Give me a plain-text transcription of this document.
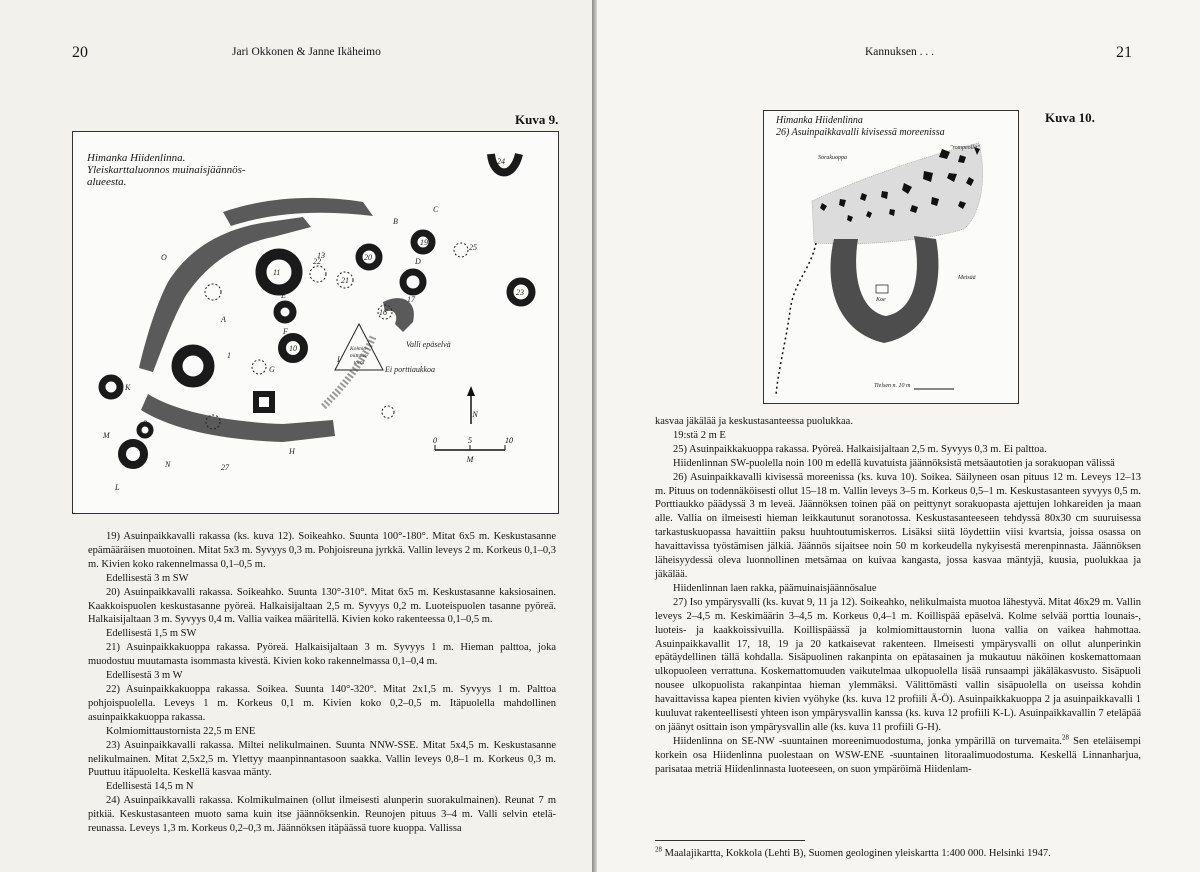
20	Jari Okkonen & Janne Ikäheimo
Kuva 9.
Himanka Hiidenlinna.
Yleiskarttaluonnos muinaisjäännös-
alueesta.
C
B
D
E
F
G
K
L
M
N
O
H
A
I
1
2
11
10
19
20
21
22
23
24
25
16
17
27
13
Valli epäselvä
Ei porttiaukkoa
Kolmio-
mittaus-
torni
N
0	5	10
M

19) Asuinpaikkavalli rakassa (ks. kuva 12). Soikeahko. Suunta 100°-180°. Mitat 6x5 m. Keskustasanne epämääräisen muotoinen. Mitat 5x3 m. Syvyys 0,3 m. Pohjoisreuna jyrkkä. Vallin leveys 2 m. Korkeus 0,1–0,3 m. Kivien koko rakennelmassa 0,1–0,5 m.

Edellisestä 3 m SW

20) Asuinpaikkavalli rakassa. Soikeahko. Suunta 130°-310°. Mitat 6x5 m. Keskustasanne kaksiosainen. Kaakkoispuolen keskustasanne pyöreä. Halkaisijaltaan 2,5 m. Syvyys 0,2 m. Luoteispuolen tasanne pyöreä. Halkaisijaltaan 3 m. Syvyys 0,4 m. Vallia vaikea määritellä. Kivien koko rakenteessa 0,1–0,5 m.

Edellisestä 1,5 m SW

21) Asuinpaikkakuoppa rakassa. Pyöreä. Halkaisijaltaan 3 m. Syvyys 1 m. Hieman palttoa, joka muodostuu muutamasta isommasta kivestä. Kivien koko rakennelmassa 0,1–0,4 m.

Edellisestä 3 m W

22) Asuinpaikkakuoppa rakassa. Soikea. Suunta 140°-320°. Mitat 2x1,5 m. Syvyys 1 m. Palttoa pohjoispuolella. Leveys 1 m. Korkeus 0,1 m. Kivien koko 0,2–0,5 m. Itäpuolella mahdollinen asuinpaikkakuoppa rakassa.

Kolmiomittaustornista 22,5 m ENE

23) Asuinpaikkavalli rakassa. Miltei nelikulmainen. Suunta NNW-SSE. Mitat 5x4,5 m. Keskustasanne nelikulmainen. Mitat 2,5x2,5 m. Ylettyy maanpinnantasoon saakka. Vallin leveys 0,8–1 m. Korkeus 0,3 m. Puuttuu itäpuolelta. Keskellä kasvaa mänty.

Edellisestä 14,5 m N

24) Asuinpaikkavalli rakassa. Kolmikulmainen (ollut ilmeisesti alunperin suorakulmainen). Reunat 7 m pitkiä. Keskustasanteen muoto sama kuin itse jäännöksenkin. Reunojen pituus 3–4 m. Valli selvin eteläreunassa. Leveys 1,3 m. Korkeus 0,2–0,3 m. Jäännöksen itäpäässä tuore kuoppa. Vallissa

Kannuksen . . .	21
Kuva 10.
Himanka Hiidenlinna
26) Asuinpaikkavalli kivisessä moreenissa
Sorakuoppa
"rompeollit"
Metsää
Koe
Tielsen n. 10 m

kasvaa jäkälää ja keskustasanteessa puolukkaa.

19:stä 2 m E

25) Asuinpaikkakuoppa rakassa. Pyöreä. Halkaisijaltaan 2,5 m. Syvyys 0,3 m. Ei palttoa.

Hiidenlinnan SW-puolella noin 100 m edellä kuvatuista jäännöksistä metsäautotien ja sorakuopan välissä

26) Asuinpaikkavalli kivisessä moreenissa (ks. kuva 10). Soikea. Säilyneen osan pituus 12 m. Leveys 12–13 m. Pituus on todennäköisesti ollut 15–18 m. Vallin leveys 3–5 m. Korkeus 0,5–1 m. Keskustasanteen syvyys 0,5 m. Porttiaukko päädyssä 3 m leveä. Jäännöksen toinen pää on peittynyt sorakuopasta ajettujen lohkareiden ja maan alle. Vallia on ilmeisesti hieman leikkautunut soranotossa. Keskustasanteeseen tehdyssä 80x30 cm suuruisessa tarkastuskuopassa havaittiin paksu huuhtoutumiskerros. Lisäksi siitä löydettiin viisi kvartsia, joissa osassa on havaittavissa työstämisen jälkiä. Jäännös sijaitsee noin 50 m korkeudella nykyisestä merenpinnasta. Jäännöksen läheisyydessä oleva luonnollinen metsämaa on kuivaa kangasta, jossa kasvaa mäntyjä, kuusia, puolukkaa ja jäkälää.

Hiidenlinnan laen rakka, päämuinaisjäännösalue

27) Iso ympärysvalli (ks. kuvat 9, 11 ja 12). Soikeahko, nelikulmaista muotoa lähestyvä. Mitat 46x29 m. Vallin leveys 2–4,5 m. Keskimäärin 3–4,5 m. Korkeus 0,4–1 m. Koillispää epäselvä. Kolme selvää porttia lounais-, luoteis- ja kaakkoissivuilla. Koillispäässä ja kolmiomittaustornin luona vallia on vaikea hahmottaa. Asuinpaikkavallit 17, 18, 19 ja 20 katkaisevat rakenteen. Ilmeisesti ympärysvalli on ollut alunperinkin epätäydellinen tällä kohdalla. Sisäpuolinen rakanpinta on epätasainen ja mukautuu näköinen koskemattomaan ulkopuoleen verrattuna. Koskemattomuuden vaikutelmaa ulkopuolella lisää runsaampi jäkäläkasvusto. Sisäpuoli nousee ulkopuolista rakanpintaa hieman ylemmäksi. Välittömästi vallin sisäpuolella on useissa kohdin havaittavissa kapea pienten kivien vyöhyke (ks. kuva 12 profiili Ä-Ö). Asuinpaikkakuoppa 2 ja asuinpaikkavalli 1 kuuluvat rakenteellisesti yhteen ison ympärysvallin kanssa (ks. kuva 12 profiili K-L). Asuinpaikkavallin 7 eteläpää on jäänyt osittain ison ympärysvallin alle (ks. kuva 11 profiili G-H).

Hiidenlinna on SE-NW -suuntainen moreenimuodostuma, jonka ympärillä on turvemaita.$^{28}$ Sen eteläisempi korkein osa Hiidenlinna puolestaan on WSW-ENE -suuntainen litoraalimuodostuma. Keskellä Linnanharjua, parisataa metriä Hiidenlinnasta luoteeseen, on suon ympäröimä Hiidenlam-

$^{28}$ Maalajikartta, Kokkola (Lehti B), Suomen geologinen yleiskartta 1:400 000. Helsinki 1947.
